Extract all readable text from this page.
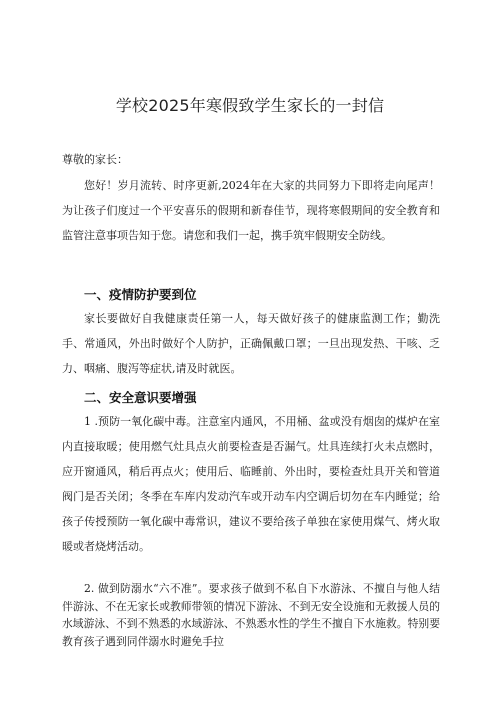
学校2025年寒假致学生家长的一封信
尊敬的家长：
您好！岁月流转、时序更新,2024年在大家的共同努力下即将走向尾声！为让孩子们度过一个平安喜乐的假期和新春佳节，现将寒假期间的安全教育和监管注意事项告知于您。请您和我们一起，携手筑牢假期安全防线。
一、疫情防护要到位
家长要做好自我健康责任第一人，每天做好孩子的健康监测工作；勤洗手、常通风，外出时做好个人防护，正确佩戴口罩；一旦出现发热、干咳、乏力、咽痛、腹泻等症状,请及时就医。
二、安全意识要增强
1 .预防一氧化碳中毒。注意室内通风，不用桶、盆或没有烟囱的煤炉在室内直接取暖；使用燃气灶具点火前要检查是否漏气。灶具连续打火未点燃时，应开窗通风，稍后再点火；使用后、临睡前、外出时，要检查灶具开关和管道阀门是否关闭；冬季在车库内发动汽车或开动车内空调后切勿在车内睡觉；给孩子传授预防一氧化碳中毒常识，建议不要给孩子单独在家使用煤气、烤火取暖或者烧烤活动。
2. 做到防溺水“六不准”。要求孩子做到不私自下水游泳、不擅自与他人结伴游泳、不在无家长或教师带领的情况下游泳、不到无安全设施和无救援人员的水域游泳、不到不熟悉的水域游泳、不熟悉水性的学生不擅自下水施救。特别要教育孩子遇到同伴溺水时避免手拉
